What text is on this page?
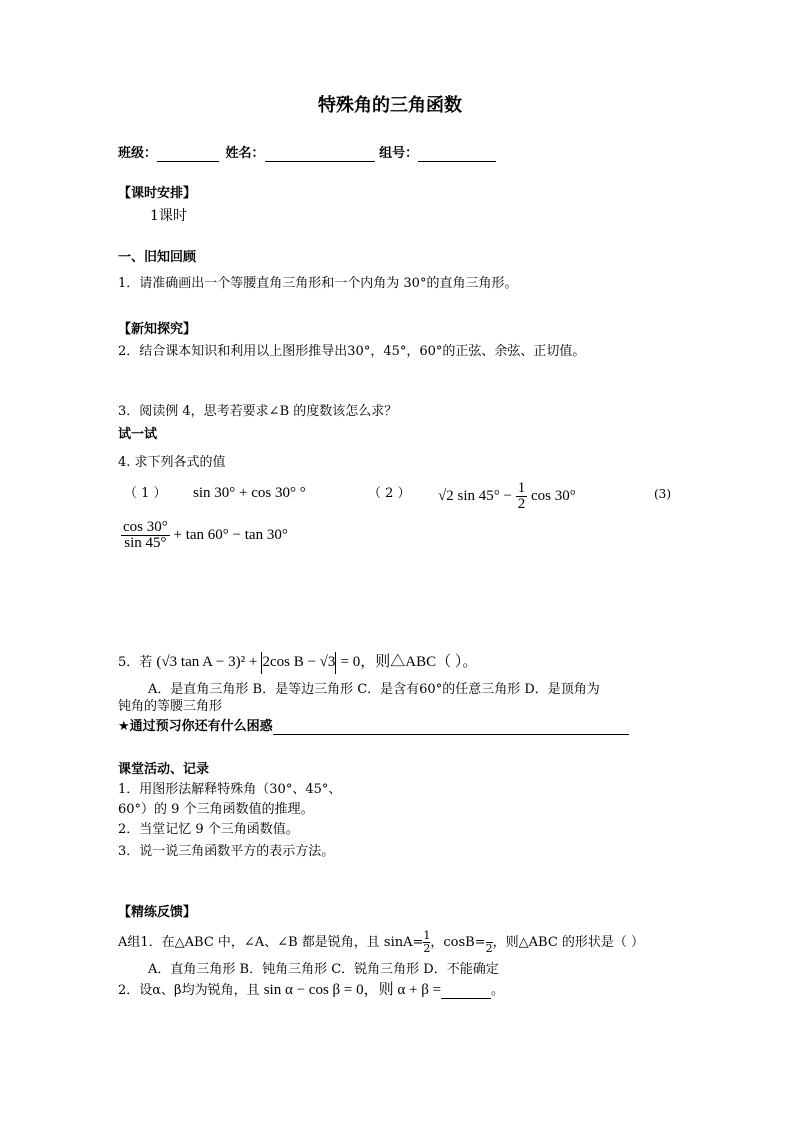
特殊角的三角函数
班级：	姓名：	组号：
【课时安排】
1课时
一、旧知回顾
1．请准确画出一个等腰直角三角形和一个内角为 30°的直角三角形。
【新知探究】
2．结合课本知识和利用以上图形推导出30°，45°，60°的正弦、余弦、正切值。
3．阅读例 4，思考若要求∠B 的度数该怎么求？
试一试
4. 求下列各式的值
（ 1 ） sin 30° + cos 30° °	（ 2 ） √2 $\sin 45^\circ - \frac{1}{2}$ cos 30°	(3)
$\frac{\cos 30^\circ}{\sin 45^\circ} + \tan 60^\circ - \tan 30^\circ$
5．若 (√3 tan A − 3)² + 2cos B − √3 = 0，则△ABC（ ）。
A．是直角三角形 B．是等边三角形 C．是含有60°的任意三角形 D．是顶角为
钝角的等腰三角形
★通过预习你还有什么困惑
课堂活动、记录
1．用图形法解释特殊角（30°、45°、
60°）的 9 个三角函数值的推理。
2．当堂记忆 9 个三角函数值。
3．说一说三角函数平方的表示方法。
【精练反馈】
A组1．在△ABC 中，∠A、∠B 都是锐角，且 $\sin A= \frac{1}{2}$ ，cosB=
2 ，则△ABC 的形状是（ ）
A．直角三角形 B．钝角三角形 C．锐角三角形 D．不能确定
2．设α、β均为锐角，且 sin α − cos β = 0，则 α + β =	。
